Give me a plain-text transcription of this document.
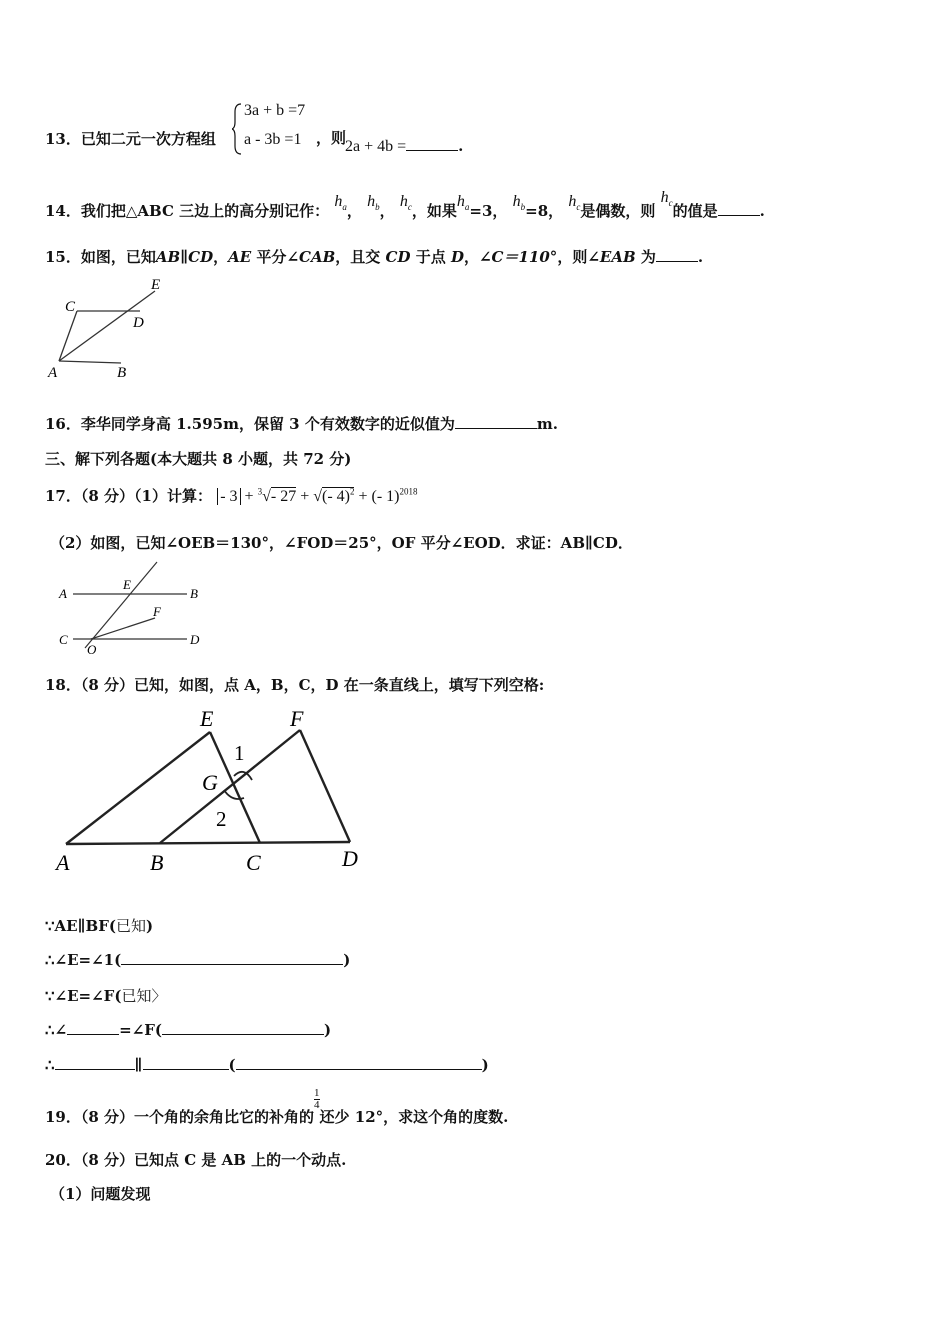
13．已知二元一次方程组
3a + b =7
a - 3b =1 ，则
2a + 4b =	.
14．我们把△ABC 三边上的高分别记作： $h_a$， $h_b$， $h_c$，如果$h_a=3$， $h_b=8$， $h_c$是偶数，则 $h_c$的值是	.
15．如图，已知AB∥CD，AE 平分∠CAB，且交 CD 于点 D，∠C＝110°，则∠EAB 为	.
C
E
D
A	B
16．李华同学身高 1.595m，保留 3 个有效数字的近似值为	m.
三、解下列各题(本大题共 8 小题，共 72 分)
17．（8 分）（1）计算： - 3 + $^3$√- 27 + √(- 4)$^2$ + (- 1)$^{2018}$
（2）如图，已知∠OEB＝130°，∠FOD＝25°，OF 平分∠EOD．求证：AB∥CD．
A
E
B
F
C
O
D
18．（8 分）已知，如图，点 A，B，C，D 在一条直线上，填写下列空格:
E	F
G
1
2
A	B	C	D
∵AE∥BF(已知)
∴∠E=∠1(	)
∵∠E=∠F(已知〉
∴∠	=∠F(	)
∴	∥	(	)
19．（8 分）一个角的余角比它的补角的
$\frac{1}{4}$
还少 12°，求这个角的度数.
20．（8 分）已知点 C 是 AB 上的一个动点.
（1）问题发现
